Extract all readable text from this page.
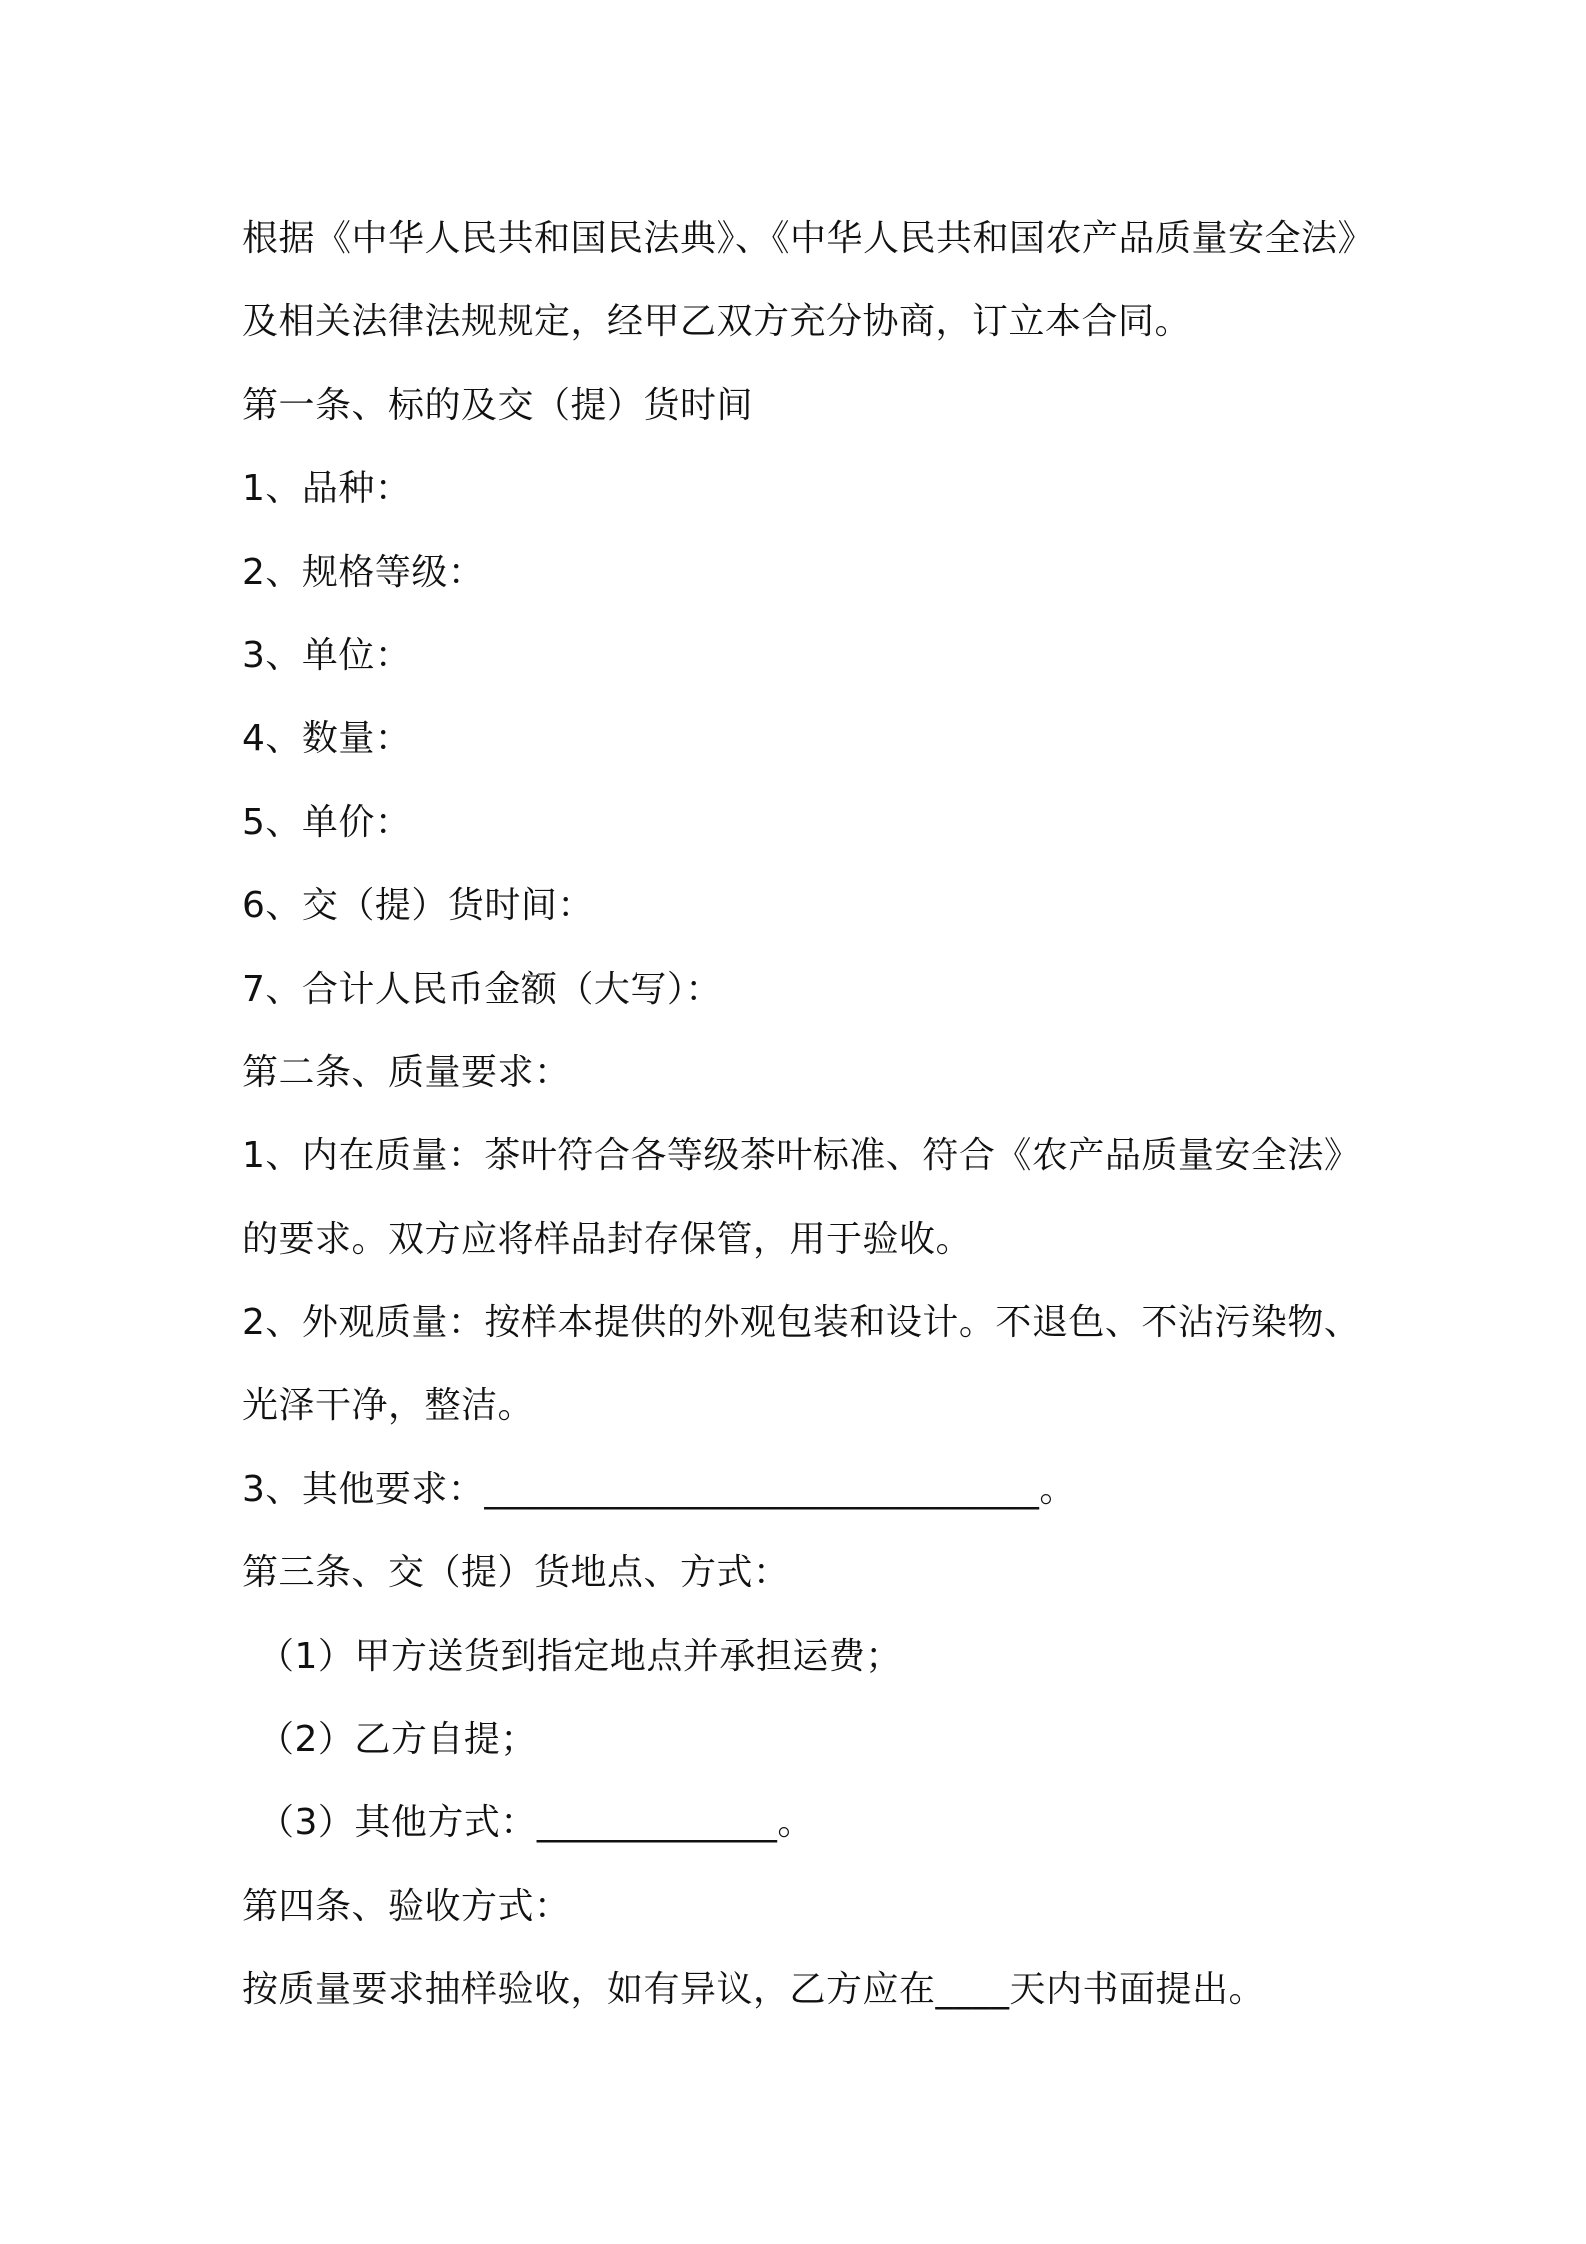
根据《中华人民共和国民法典》、《中华人民共和国农产品质量安全法》
及相关法律法规规定，经甲乙双方充分协商，订立本合同。
第一条、标的及交（提）货时间
1、品种：
2、规格等级：
3、单位：
4、数量：
5、单价：
6、交（提）货时间：
7、合计人民币金额（大写）：
第二条、质量要求：
1、内在质量：茶叶符合各等级茶叶标准、符合《农产品质量安全法》
的要求。双方应将样品封存保管，用于验收。
2、外观质量：按样本提供的外观包装和设计。不退色、不沾污染物、
光泽干净，整洁。
3、其他要求：______________________________。
第三条、交（提）货地点、方式：
（1）甲方送货到指定地点并承担运费；
（2）乙方自提；
（3）其他方式：_____________。
第四条、验收方式：
按质量要求抽样验收，如有异议，乙方应在____天内书面提出。
